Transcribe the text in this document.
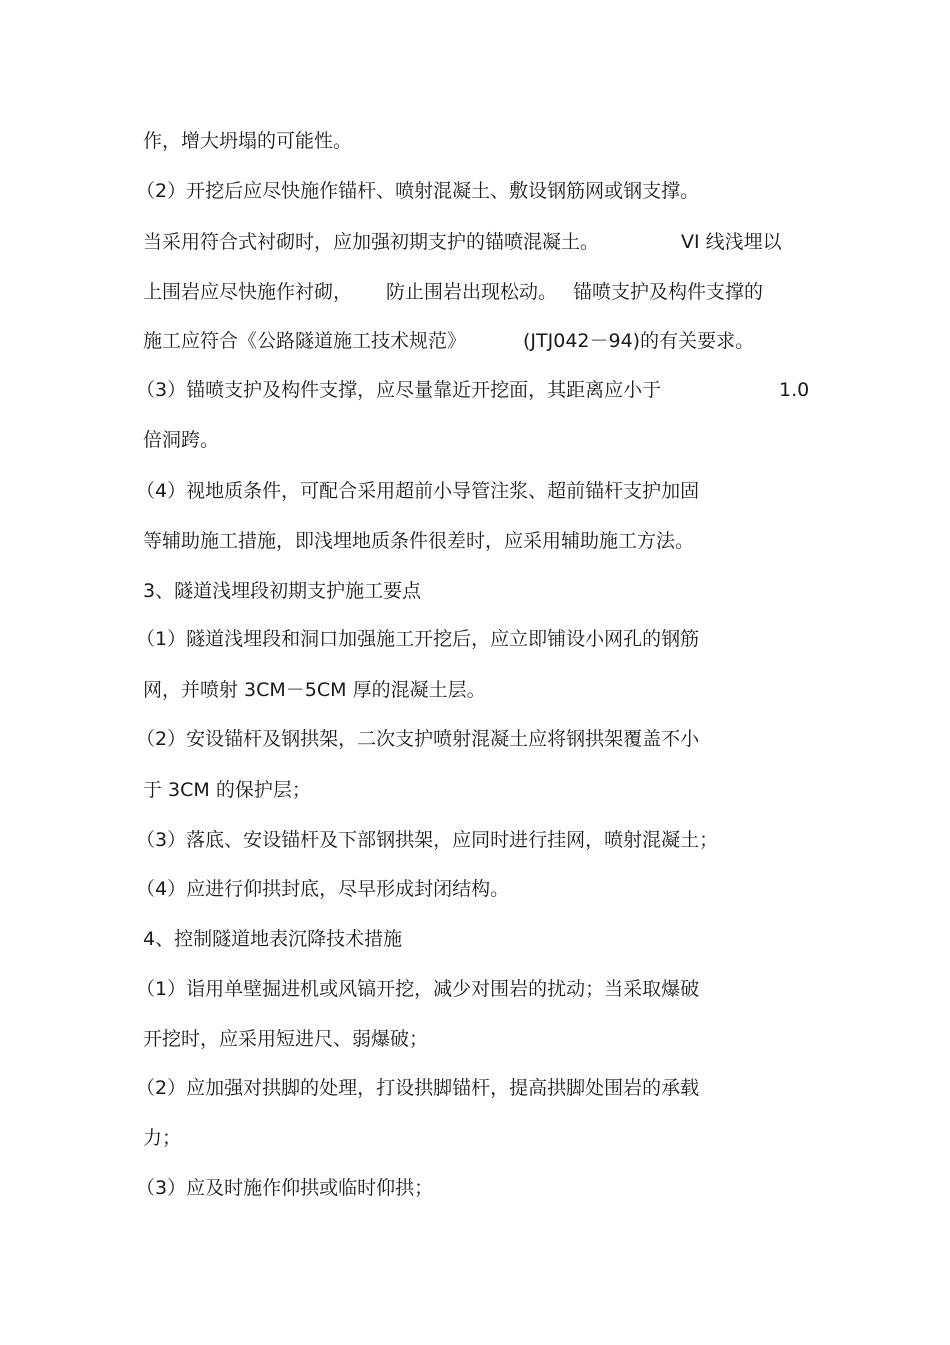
作，增大坍塌的可能性。
（2）开挖后应尽快施作锚杆、喷射混凝土、敷设钢筋网或钢支撑。
当采用符合式衬砌时，应加强初期支护的锚喷混凝土。	VI 线浅埋以
上围岩应尽快施作衬砌， 防止围岩出现松动。 锚喷支护及构件支撑的
施工应符合《公路隧道施工技术规范》	(JTJ042－94)的有关要求。
（3）锚喷支护及构件支撑，应尽量靠近开挖面，其距离应小于	1.0
倍洞跨。
（4）视地质条件，可配合采用超前小导管注浆、超前锚杆支护加固
等辅助施工措施，即浅埋地质条件很差时，应采用辅助施工方法。
3、隧道浅埋段初期支护施工要点
（1）隧道浅埋段和洞口加强施工开挖后，应立即铺设小网孔的钢筋
网，并喷射 3CM－5CM 厚的混凝土层。
（2）安设锚杆及钢拱架，二次支护喷射混凝土应将钢拱架覆盖不小
于 3CM 的保护层；
（3）落底、安设锚杆及下部钢拱架，应同时进行挂网，喷射混凝土；
（4）应进行仰拱封底，尽早形成封闭结构。
4、控制隧道地表沉降技术措施
（1）诣用单壁掘进机或风镐开挖，减少对围岩的扰动；当采取爆破
开挖时，应采用短进尺、弱爆破；
（2）应加强对拱脚的处理，打设拱脚锚杆，提高拱脚处围岩的承载
力；
（3）应及时施作仰拱或临时仰拱；
